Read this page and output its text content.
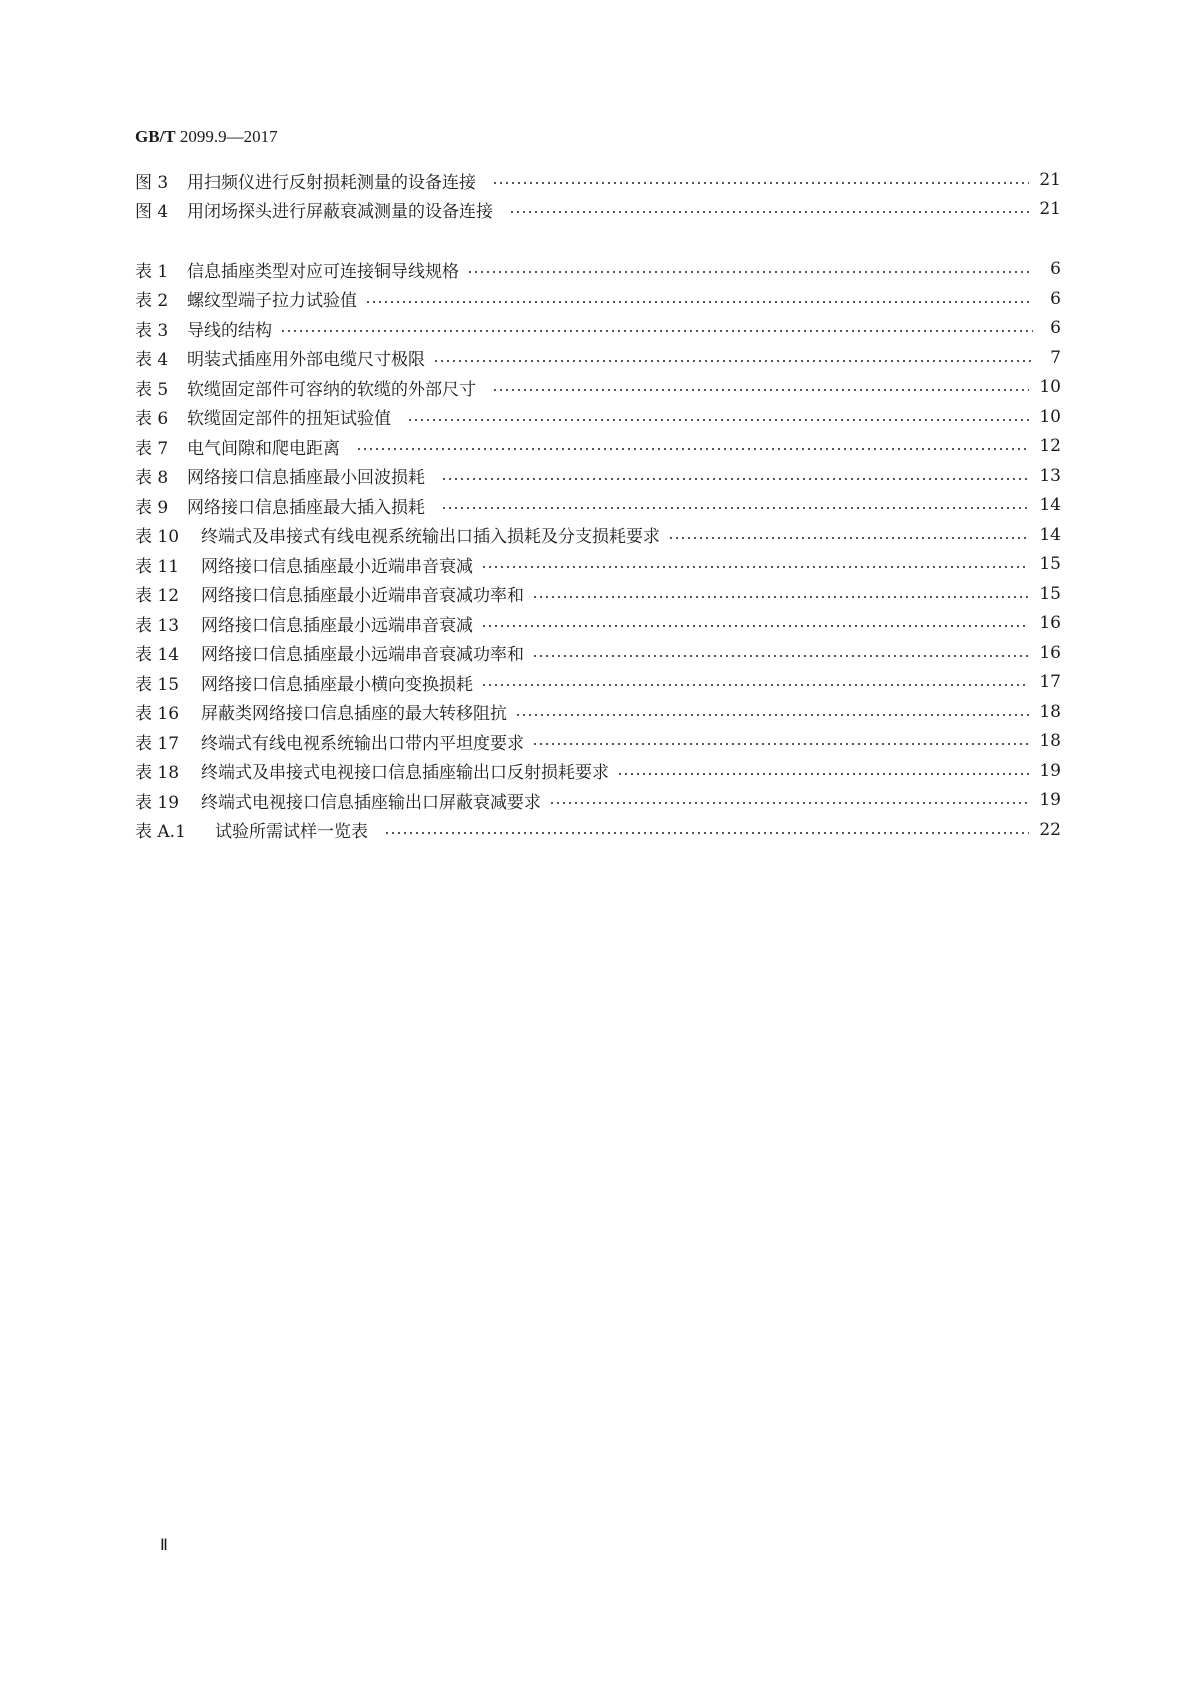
GB/T 2099.9—2017
图 3	用扫频仪进行反射损耗测量的设备连接	21
图 4	用闭场探头进行屏蔽衰减测量的设备连接	21
表 1	信息插座类型对应可连接铜导线规格	6
表 2	螺纹型端子拉力试验值	6
表 3	导线的结构	6
表 4	明装式插座用外部电缆尺寸极限	7
表 5	软缆固定部件可容纳的软缆的外部尺寸	10
表 6	软缆固定部件的扭矩试验值	10
表 7	电气间隙和爬电距离	12
表 8	网络接口信息插座最小回波损耗	13
表 9	网络接口信息插座最大插入损耗	14
表 10	终端式及串接式有线电视系统输出口插入损耗及分支损耗要求	14
表 11	网络接口信息插座最小近端串音衰减	15
表 12	网络接口信息插座最小近端串音衰减功率和	15
表 13	网络接口信息插座最小远端串音衰减	16
表 14	网络接口信息插座最小远端串音衰减功率和	16
表 15	网络接口信息插座最小横向变换损耗	17
表 16	屏蔽类网络接口信息插座的最大转移阻抗	18
表 17	终端式有线电视系统输出口带内平坦度要求	18
表 18	终端式及串接式电视接口信息插座输出口反射损耗要求	19
表 19	终端式电视接口信息插座输出口屏蔽衰减要求	19
表 A.1	试验所需试样一览表	22
Ⅱ
